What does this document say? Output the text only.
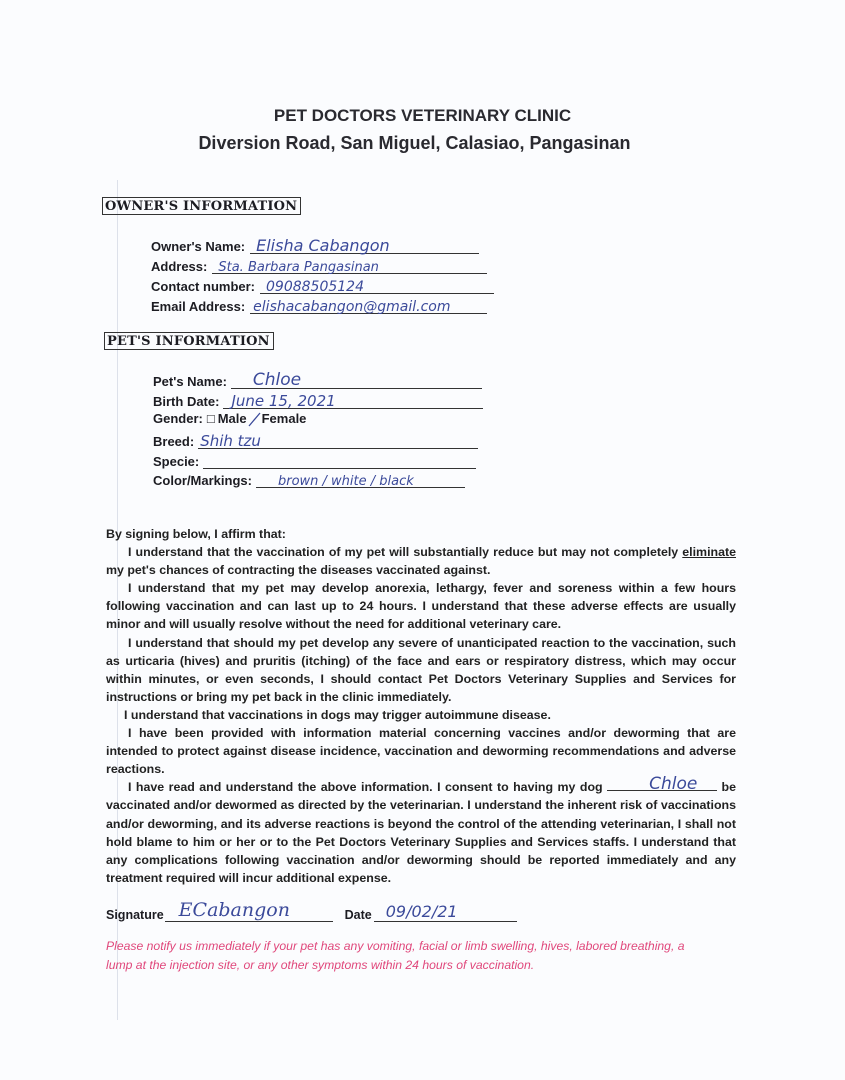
PET DOCTORS VETERINARY CLINIC
Diversion Road, San Miguel, Calasiao, Pangasinan
OWNER'S INFORMATION
Owner's Name: Elisha Cabangon
Address: Sta. Barbara Pangasinan
Contact number: 09088505124
Email Address: elishacabangon@gmail.com
PET'S INFORMATION
Pet's Name: Chloe
Birth Date: June 15, 2021
Gender: □ Male Female
Breed: Shih tzu
Specie:
Color/Markings: brown / white / black

By signing below, I affirm that:

I understand that the vaccination of my pet will substantially reduce but may not completely eliminate my pet's chances of contracting the diseases vaccinated against.

I understand that my pet may develop anorexia, lethargy, fever and soreness within a few hours following vaccination and can last up to 24 hours. I understand that these adverse effects are usually minor and will usually resolve without the need for additional veterinary care.

I understand that should my pet develop any severe of unanticipated reaction to the vaccination, such as urticaria (hives) and pruritis (itching) of the face and ears or respiratory distress, which may occur within minutes, or even seconds, I should contact Pet Doctors Veterinary Supplies and Services for instructions or bring my pet back in the clinic immediately.

I understand that vaccinations in dogs may trigger autoimmune disease.

I have been provided with information material concerning vaccines and/or deworming that are intended to protect against disease incidence, vaccination and deworming recommendations and adverse reactions.

I have read and understand the above information. I consent to having my dog	Chloe be vaccinated and/or dewormed as directed by the veterinarian. I understand the inherent risk of vaccinations and/or deworming, and its adverse reactions is beyond the control of the attending veterinarian, I shall not hold blame to him or her or to the Pet Doctors Veterinary Supplies and Services staffs. I understand that any complications following vaccination and/or deworming should be reported immediately and any treatment required will incur additional expense.

Signature ECabangon	Date 09/02/21
Please notify us immediately if your pet has any vomiting, facial or limb swelling, hives, labored breathing, a lump at the injection site, or any other symptoms within 24 hours of vaccination.
